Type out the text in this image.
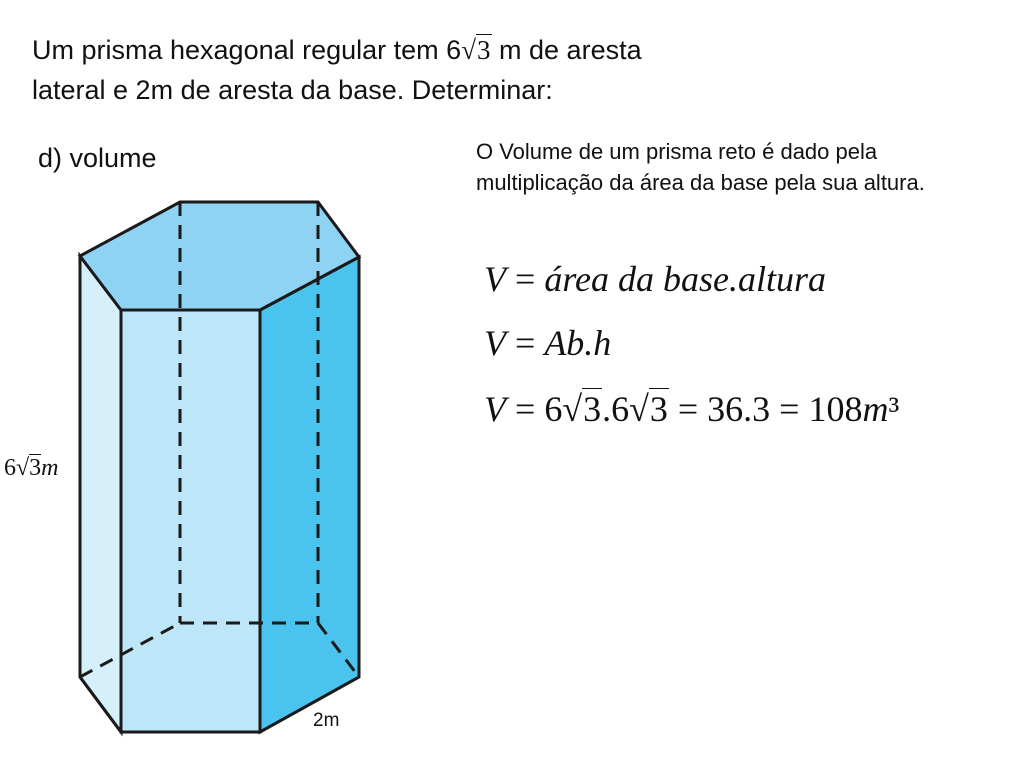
Um prisma hexagonal regular tem 6√3 m de aresta
lateral e 2m de aresta da base. Determinar:
d) volume	O Volume de um prisma reto é dado pela multiplicação da área da base pela sua altura.
V = área da base.altura
V = Ab.h
V = 6√3.6√3 = 36.3 = 108m³
6√3m
2m
